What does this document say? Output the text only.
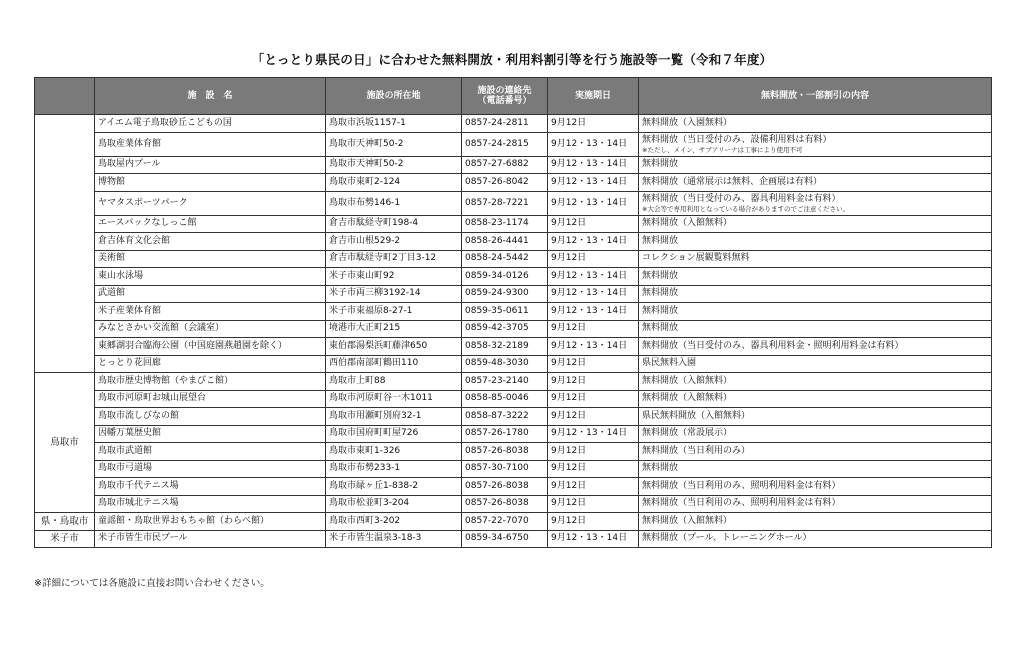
「とっとり県民の日」に合わせた無料開放・利用料割引等を行う施設等一覧（令和７年度）
	施　設　名	施設の所在地	施設の連絡先
（電話番号）	実施期日	無料開放・一部割引の内容
	アイエム電子鳥取砂丘こどもの国	鳥取市浜坂1157-1	0857-24-2811	9月12日	無料開放（入園無料）

	鳥取産業体育館	鳥取市天神町50-2	0857-24-2815	9月12・13・14日	無料開放（当日受付のみ、設備利用料は有料）
※ただし、メイン、サブアリーナは工事により使用不可

	鳥取屋内プール	鳥取市天神町50-2	0857-27-6882	9月12・13・14日	無料開放

	博物館	鳥取市東町2-124	0857-26-8042	9月12・13・14日	無料開放（通常展示は無料、企画展は有料）

	ヤマタスポーツパーク	鳥取市布勢146-1	0857-28-7221	9月12・13・14日	無料開放（当日受付のみ、器具利用料金は有料）
※大会等で専用利用となっている場合がありますのでご注意ください。

	エースパックなしっこ館	倉吉市駄経寺町198-4	0858-23-1174	9月12日	無料開放（入館無料）

	倉吉体育文化会館	倉吉市山根529-2	0858-26-4441	9月12・13・14日	無料開放

	美術館	倉吉市駄経寺町2丁目3-12	0858-24-5442	9月12日	コレクション展観覧料無料

	東山水泳場	米子市東山町92	0859-34-0126	9月12・13・14日	無料開放

	武道館	米子市両三柳3192-14	0859-24-9300	9月12・13・14日	無料開放

	米子産業体育館	米子市東福原8-27-1	0859-35-0611	9月12・13・14日	無料開放

	みなとさかい交流館（会議室）	境港市大正町215	0859-42-3705	9月12日	無料開放

	東郷湖羽合臨海公園（中国庭園燕趙園を除く）	東伯郡湯梨浜町藤津650	0858-32-2189	9月12・13・14日	無料開放（当日受付のみ、器具利用料金・照明利用料金は有料）

	とっとり花回廊	西伯郡南部町鶴田110	0859-48-3030	9月12日	県民無料入園

鳥取市	鳥取市歴史博物館（やまびこ館）	鳥取市上町88	0857-23-2140	9月12日	無料開放（入館無料）

	鳥取市河原町お城山展望台	鳥取市河原町谷一木1011	0858-85-0046	9月12日	無料開放（入館無料）

	鳥取市流しびなの館	鳥取市用瀬町別府32-1	0858-87-3222	9月12日	県民無料開放（入館無料）

	因幡万葉歴史館	鳥取市国府町町屋726	0857-26-1780	9月12・13・14日	無料開放（常設展示）

	鳥取市武道館	鳥取市東町1-326	0857-26-8038	9月12日	無料開放（当日利用のみ）

	鳥取市弓道場	鳥取市布勢233-1	0857-30-7100	9月12日	無料開放

	鳥取市千代テニス場	鳥取市緑ヶ丘1-838-2	0857-26-8038	9月12日	無料開放（当日利用のみ、照明利用料金は有料）

	鳥取市城北テニス場	鳥取市松並町3-204	0857-26-8038	9月12日	無料開放（当日利用のみ、照明利用料金は有料）

県・鳥取市	童謡館・鳥取世界おもちゃ館（わらべ館）	鳥取市西町3-202	0857-22-7070	9月12日	無料開放（入館無料）

米子市	米子市皆生市民プール	米子市皆生温泉3-18-3	0859-34-6750	9月12・13・14日	無料開放（プール、トレーニングホール）
※詳細については各施設に直接お問い合わせください。
